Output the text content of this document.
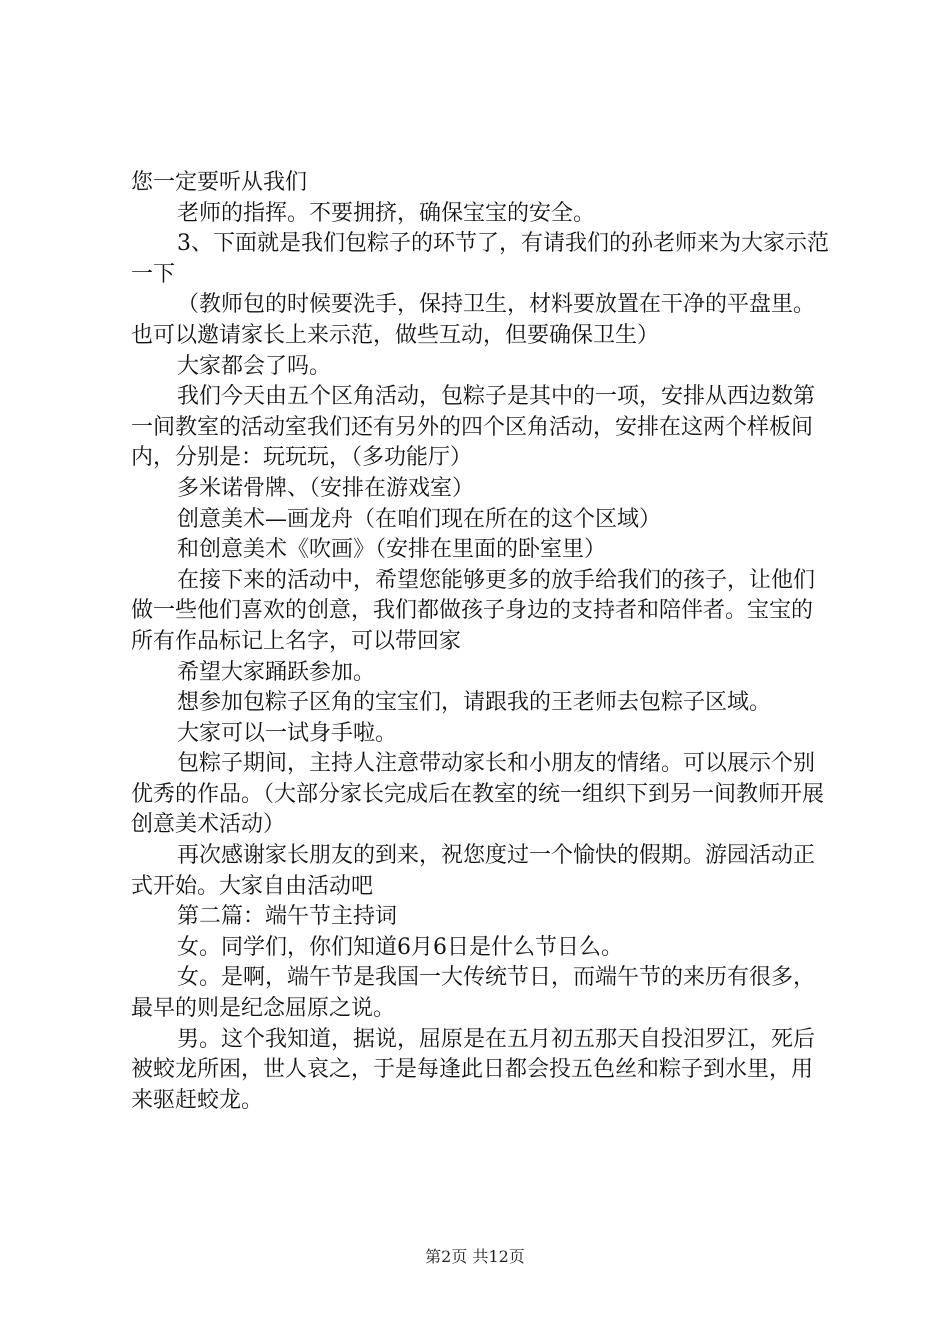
您一定要听从我们

老师的指挥。不要拥挤，确保宝宝的安全。

3、下面就是我们包粽子的环节了，有请我们的孙老师来为大家示范一下

（教师包的时候要洗手，保持卫生，材料要放置在干净的平盘里。也可以邀请家长上来示范，做些互动，但要确保卫生）

大家都会了吗。

我们今天由五个区角活动，包粽子是其中的一项，安排从西边数第一间教室的活动室我们还有另外的四个区角活动，安排在这两个样板间内，分别是：玩玩玩，（多功能厅）

多米诺骨牌、（安排在游戏室）

创意美术—画龙舟（在咱们现在所在的这个区域）

和创意美术《吹画》（安排在里面的卧室里）

在接下来的活动中，希望您能够更多的放手给我们的孩子，让他们做一些他们喜欢的创意，我们都做孩子身边的支持者和陪伴者。宝宝的所有作品标记上名字，可以带回家

希望大家踊跃参加。

想参加包粽子区角的宝宝们，请跟我的王老师去包粽子区域。

大家可以一试身手啦。

包粽子期间，主持人注意带动家长和小朋友的情绪。可以展示个别优秀的作品。（大部分家长完成后在教室的统一组织下到另一间教师开展创意美术活动）

再次感谢家长朋友的到来，祝您度过一个愉快的假期。游园活动正式开始。大家自由活动吧

第二篇：端午节主持词

女。同学们，你们知道6月6日是什么节日么。

女。是啊，端午节是我国一大传统节日，而端午节的来历有很多，最早的则是纪念屈原之说。

男。这个我知道，据说，屈原是在五月初五那天自投汨罗江，死后被蛟龙所困，世人哀之，于是每逢此日都会投五色丝和粽子到水里，用来驱赶蛟龙。

第2页 共12页
